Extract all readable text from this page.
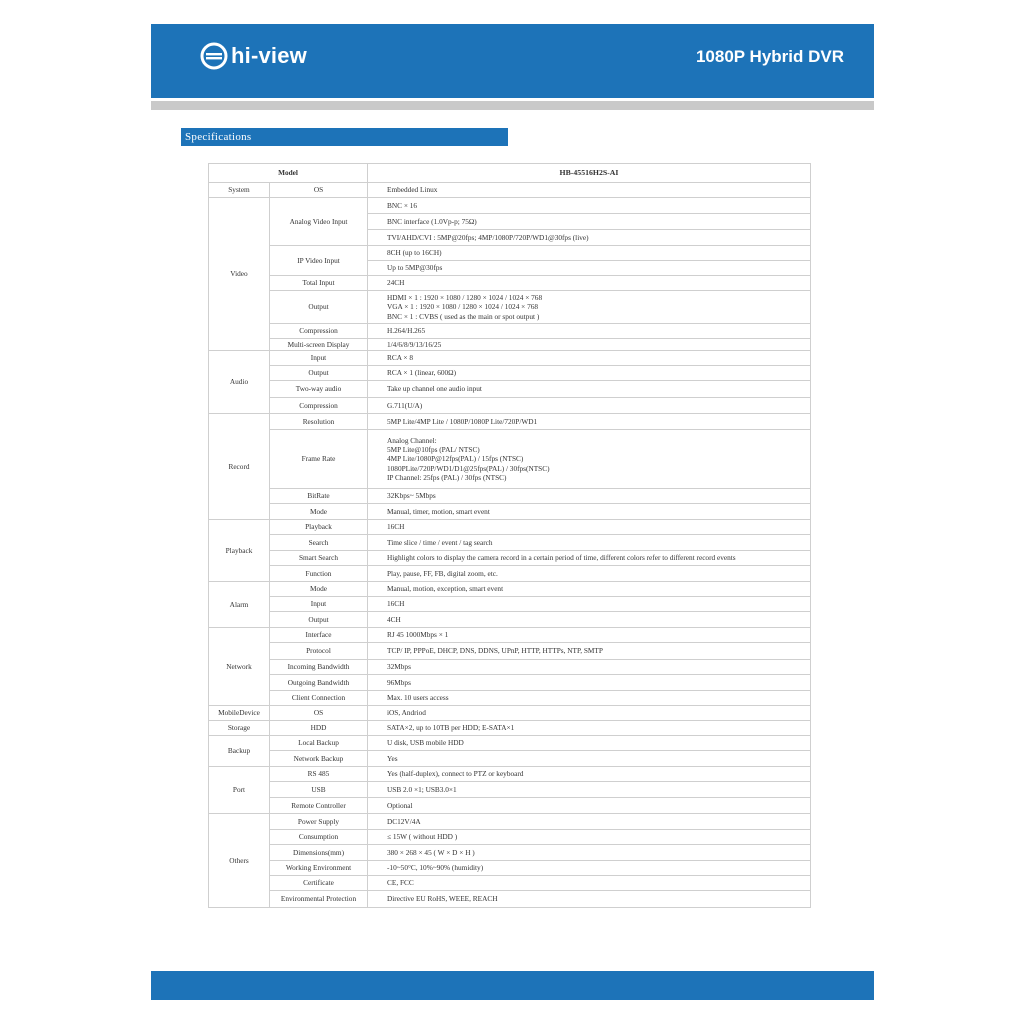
hi-view	1080P Hybrid DVR
Specifications
Model		HB-45516H2S-AI
System	OS	Embedded Linux
Video	Analog Video Input	BNC × 16
		BNC interface (1.0Vp-p; 75Ω)
		TVI/AHD/CVI : 5MP@20fps; 4MP/1080P/720P/WD1@30fps (live)
	IP Video Input	8CH (up to 16CH)
		Up to 5MP@30fps
	Total Input	24CH
	Output	HDMI × 1 : 1920 × 1080 / 1280 × 1024 / 1024 × 768
VGA × 1 : 1920 × 1080 / 1280 × 1024 / 1024 × 768
BNC × 1 : CVBS ( used as the main or spot output )
	Compression	H.264/H.265
	Multi-screen Display	1/4/6/8/9/13/16/25
Audio	Input	RCA × 8
	Output	RCA × 1 (linear, 600Ω)
	Two-way audio	Take up channel one audio input
	Compression	G.711(U/A)
Record	Resolution	5MP Lite/4MP Lite / 1080P/1080P Lite/720P/WD1
	Frame Rate	Analog Channel:
5MP Lite@10fps (PAL/ NTSC)
4MP Lite/1080P@12fps(PAL) / 15fps (NTSC)
1080PLite/720P/WD1/D1@25fps(PAL) / 30fps(NTSC)
IP Channel: 25fps (PAL) / 30fps (NTSC)
	BitRate	32Kbps~ 5Mbps
	Mode	Manual, timer, motion, smart event
Playback	Playback	16CH
	Search	Time slice / time / event / tag search
	Smart Search	Highlight colors to display the camera record in a certain period of time, different colors refer to different record events
	Function	Play, pause, FF, FB, digital zoom, etc.
Alarm	Mode	Manual, motion, exception, smart event
	Input	16CH
	Output	4CH
Network	Interface	RJ 45 1000Mbps × 1
	Protocol	TCP/ IP, PPPoE, DHCP, DNS, DDNS, UPnP, HTTP, HTTPs, NTP, SMTP
	Incoming Bandwidth	32Mbps
	Outgoing Bandwidth	96Mbps
	Client Connection	Max. 10 users access
MobileDevice	OS	iOS, Andriod
Storage	HDD	SATA×2, up to 10TB per HDD; E-SATA×1
Backup	Local Backup	U disk, USB mobile HDD
	Network Backup	Yes
Port	RS 485	Yes (half-duplex), connect to PTZ or keyboard
	USB	USB 2.0 ×1; USB3.0×1
	Remote Controller	Optional
Others	Power Supply	DC12V/4A
	Consumption	≤ 15W ( without HDD )
	Dimensions(mm)	380 × 268 × 45 ( W × D × H )
	Working Environment	-10~50°C, 10%~90% (humidity)
	Certificate	CE, FCC
	Environmental Protection	Directive EU RoHS, WEEE, REACH
